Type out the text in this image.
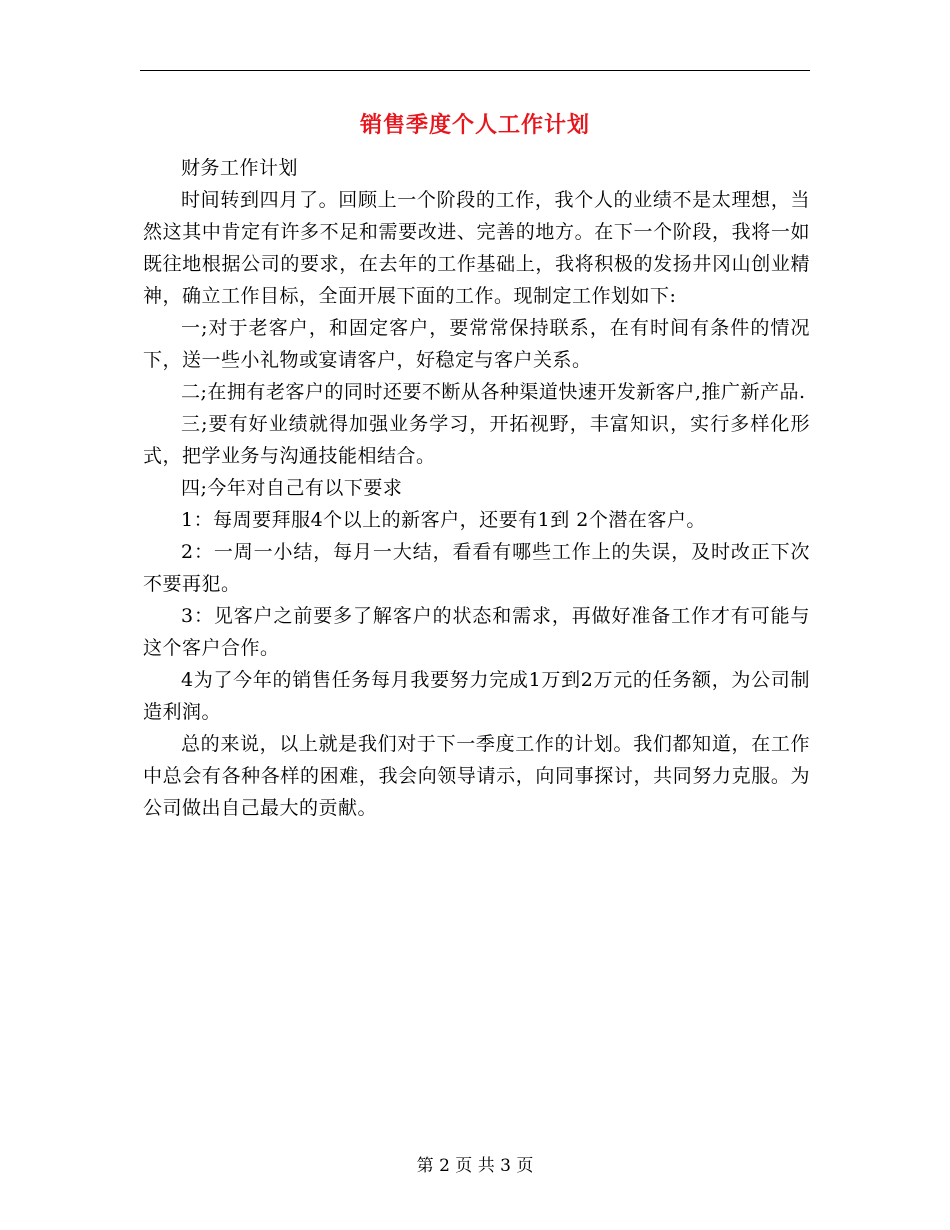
销售季度个人工作计划

财务工作计划

时间转到四月了。回顾上一个阶段的工作，我个人的业绩不是太理想，当然这其中肯定有许多不足和需要改进、完善的地方。在下一个阶段，我将一如既往地根据公司的要求，在去年的工作基础上，我将积极的发扬井冈山创业精神，确立工作目标，全面开展下面的工作。现制定工作划如下:

一;对于老客户，和固定客户，要常常保持联系，在有时间有条件的情况下，送一些小礼物或宴请客户，好稳定与客户关系。

二;在拥有老客户的同时还要不断从各种渠道快速开发新客户,推广新产品.

三;要有好业绩就得加强业务学习，开拓视野，丰富知识，实行多样化形式，把学业务与沟通技能相结合。

四;今年对自己有以下要求

1：每周要拜服4个以上的新客户，还要有1到 2个潜在客户。

2：一周一小结，每月一大结，看看有哪些工作上的失误，及时改正下次不要再犯。

3：见客户之前要多了解客户的状态和需求，再做好准备工作才有可能与这个客户合作。

4为了今年的销售任务每月我要努力完成1万到2万元的任务额，为公司制造利润。

总的来说，以上就是我们对于下一季度工作的计划。我们都知道，在工作中总会有各种各样的困难，我会向领导请示，向同事探讨，共同努力克服。为公司做出自己最大的贡献。

第 2 页 共 3 页
